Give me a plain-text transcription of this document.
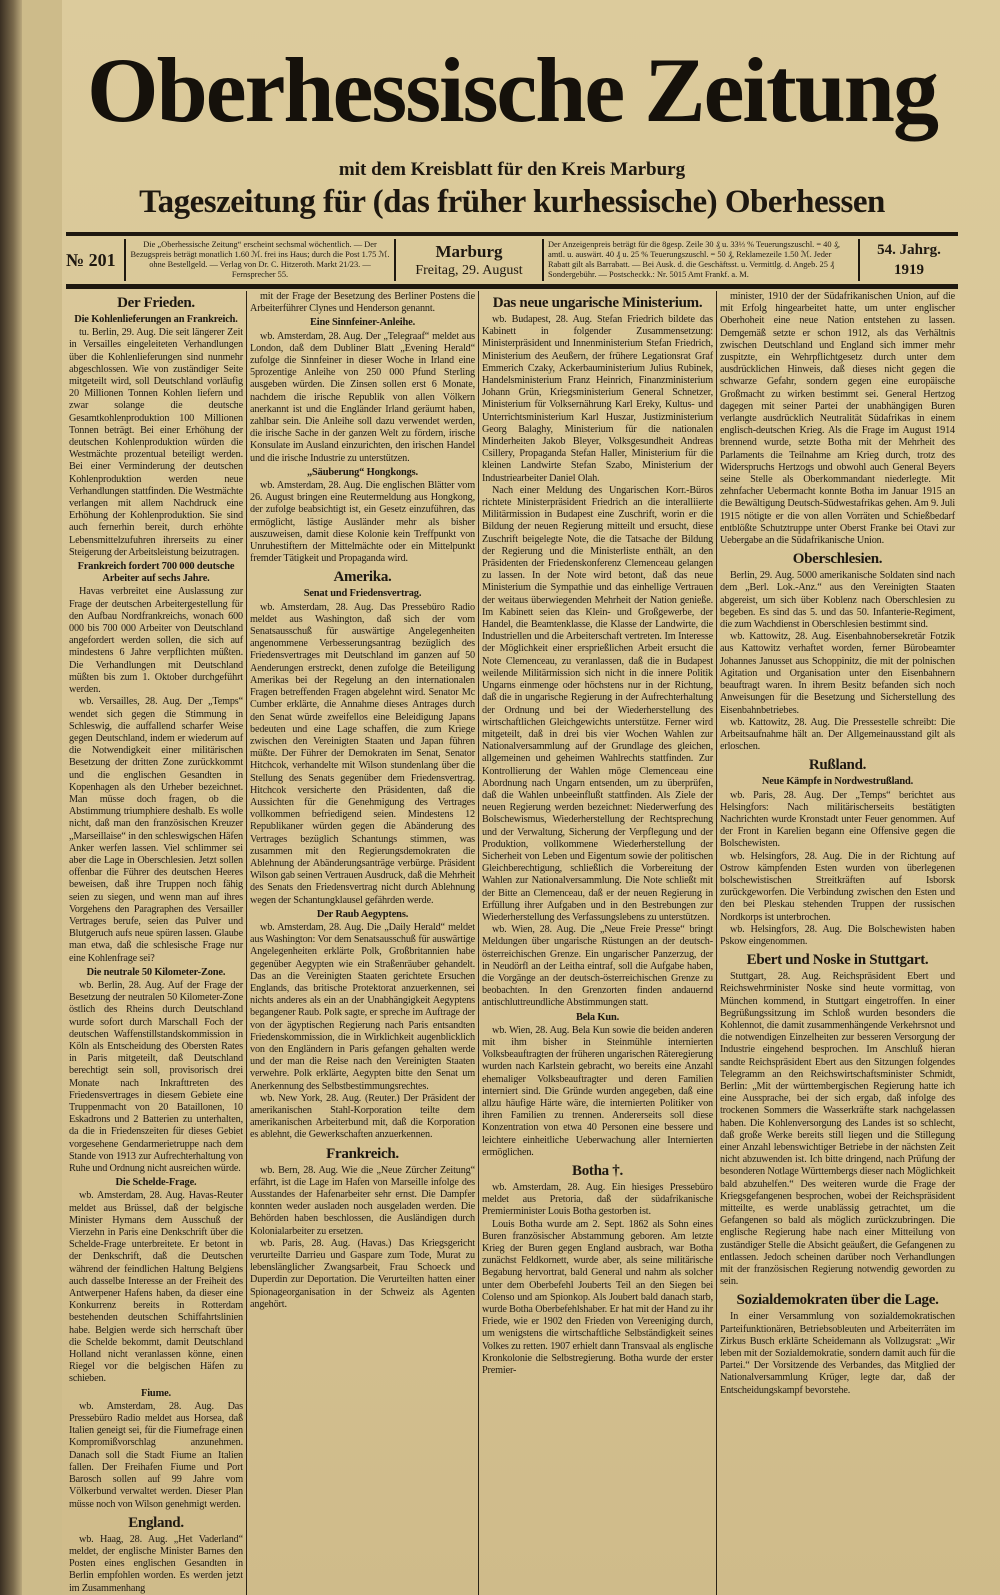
Oberhessische Zeitung
mit dem Kreisblatt für den Kreis Marburg
Tageszeitung für (das früher kurhessische) Oberhessen
№ 201
Die „Oberhessische Zeitung“ erscheint sechsmal wöchentlich. — Der Bezugspreis beträgt monatlich 1.60 ℳ. frei ins Haus; durch die Post 1.75 ℳ. ohne Bestellgeld. — Verlag von Dr. C. Hitzeroth. Markt 21/23. — Fernsprecher 55.
Marburg
Freitag, 29. August
Der Anzeigenpreis beträgt für die 8gesp. Zeile 30 ₰ u. 33⅓ % Teuerungszuschl. = 40 ₰, amtl. u. auswärt. 40 ₰ u. 25 % Teuerungszuschl. = 50 ₰, Reklamezeile 1.50 ℳ. Jeder Rabatt gilt als Barrabatt. — Bei Ausk. d. die Geschäftsst. u. Vermittlg. d. Angeb. 25 ₰ Sondergebühr. — Postscheckk.: Nr. 5015 Amt Frankf. a. M.
54. Jahrg.
1919
Der Frieden.
Die Kohlenlieferungen an Frankreich.

tu. Berlin, 29. Aug. Die seit längerer Zeit in Versailles eingeleiteten Verhandlungen über die Kohlenlieferungen sind nunmehr abgeschlossen. Wie von zuständiger Seite mitgeteilt wird, soll Deutschland vorläufig 20 Millionen Tonnen Kohlen liefern und zwar solange die deutsche Gesamtkohlenproduktion 100 Millionen Tonnen beträgt. Bei einer Erhöhung der deutschen Kohlenproduktion würden die Westmächte prozentual beteiligt werden. Bei einer Verminderung der deutschen Kohlenproduktion werden neue Verhandlungen stattfinden. Die Westmächte verlangen mit allem Nachdruck eine Erhöhung der Kohlenproduktion. Sie sind auch fernerhin bereit, durch erhöhte Lebensmittelzufuhren ihrerseits zu einer Steigerung der Arbeitsleistung beizutragen.

Frankreich fordert 700 000 deutsche Arbeiter auf sechs Jahre.

Havas verbreitet eine Auslassung zur Frage der deutschen Arbeitergestellung für den Aufbau Nordfrankreichs, wonach 600 000 bis 700 000 Arbeiter von Deutschland angefordert werden sollen, die sich auf mindestens 6 Jahre verpflichten müßten. Die Verhandlungen mit Deutschland müßten bis zum 1. Oktober durchgeführt werden.

wb. Versailles, 28. Aug. Der „Temps“ wendet sich gegen die Stimmung in Schleswig, die auffallend scharfer Weise gegen Deutschland, indem er wiederum auf die Notwendigkeit einer militärischen Besetzung der dritten Zone zurückkommt und die englischen Gesandten in Kopenhagen als den Urheber bezeichnet. Man müsse doch fragen, ob die Abstimmung triumphiere deshalb. Es wolle nicht, daß man den französischen Kreuzer „Marseillaise“ in den schleswigschen Häfen Anker werfen lassen. Viel schlimmer sei aber die Lage in Oberschlesien. Jetzt sollen offenbar die Führer des deutschen Heeres beweisen, daß ihre Truppen noch fähig seien zu siegen, und wenn man auf ihres Vorgehens den Paragraphen des Versailler Vertrages berufe, seien das Pulver und Blutgeruch aufs neue spüren lassen. Glaube man etwa, daß die schlesische Frage nur eine Kohlenfrage sei?

Die neutrale 50 Kilometer-Zone.

wb. Berlin, 28. Aug. Auf der Frage der Besetzung der neutralen 50 Kilometer-Zone östlich des Rheins durch Deutschland wurde sofort durch Marschall Foch der deutschen Waffenstillstandskommission in Köln als Entscheidung des Obersten Rates in Paris mitgeteilt, daß Deutschland berechtigt sein soll, provisorisch drei Monate nach Inkrafttreten des Friedensvertrages in diesem Gebiete eine Truppenmacht von 20 Bataillonen, 10 Eskadrons und 2 Batterien zu unterhalten, da die in Friedenszeiten für dieses Gebiet vorgesehene Gendarmerietruppe nach dem Stande von 1913 zur Aufrechterhaltung von Ruhe und Ordnung nicht ausreichen würde.

Die Schelde-Frage.

wb. Amsterdam, 28. Aug. Havas-Reuter meldet aus Brüssel, daß der belgische Minister Hymans dem Ausschuß der Vierzehn in Paris eine Denkschrift über die Schelde-Frage unterbreitete. Er betont in der Denkschrift, daß die Deutschen während der feindlichen Haltung Belgiens auch dasselbe Interesse an der Freiheit des Antwerpener Hafens haben, da dieser eine Konkurrenz bereits in Rotterdam bestehenden deutschen Schiffahrtslinien habe. Belgien werde sich herrschaft über die Schelde bekommt, damit Deutschland Holland nicht veranlassen könne, einen Riegel vor die belgischen Häfen zu schieben.

Fiume.

wb. Amsterdam, 28. Aug. Das Pressebüro Radio meldet aus Horsea, daß Italien geneigt sei, für die Fiumefrage einen Kompromißvorschlag anzunehmen. Danach soll die Stadt Fiume an Italien fallen. Der Freihafen Fiume und Port Barosch sollen auf 99 Jahre vom Völkerbund verwaltet werden. Dieser Plan müsse noch von Wilson genehmigt werden.

England.

wb. Haag, 28. Aug. „Het Vaderland“ meldet, der englische Minister Barnes den Posten eines englischen Gesandten in Berlin empfohlen worden. Es werden jetzt im Zusammenhang

mit der Frage der Besetzung des Berliner Postens die Arbeiterführer Clynes und Henderson genannt.

Eine Sinnfeiner-Anleihe.

wb. Amsterdam, 28. Aug. Der „Telegraaf“ meldet aus London, daß dem Dubliner Blatt „Evening Herald“ zufolge die Sinnfeiner in dieser Woche in Irland eine 5prozentige Anleihe von 250 000 Pfund Sterling ausgeben würden. Die Zinsen sollen erst 6 Monate, nachdem die irische Republik von allen Völkern anerkannt ist und die Engländer Irland geräumt haben, zahlbar sein. Die Anleihe soll dazu verwendet werden, die irische Sache in der ganzen Welt zu fördern, irische Konsulate im Ausland einzurichten, den irischen Handel und die irische Industrie zu unterstützen.

„Säuberung“ Hongkongs.

wb. Amsterdam, 28. Aug. Die englischen Blätter vom 26. August bringen eine Reutermeldung aus Hongkong, der zufolge beabsichtigt ist, ein Gesetz einzuführen, das ermöglicht, lästige Ausländer mehr als bisher auszuweisen, damit diese Kolonie kein Treffpunkt von Unruhestiftern der Mittelmächte oder ein Mittelpunkt fremder Tätigkeit und Propaganda wird.

Amerika.
Senat und Friedensvertrag.

wb. Amsterdam, 28. Aug. Das Pressebüro Radio meldet aus Washington, daß sich der vom Senatsausschuß für auswärtige Angelegenheiten angenommene Verbesserungsantrag bezüglich des Friedensvertrages mit Deutschland im ganzen auf 50 Aenderungen erstreckt, denen zufolge die Beteiligung Amerikas bei der Regelung an den internationalen Fragen betreffenden Fragen abgelehnt wird. Senator Mc Cumber erklärte, die Annahme dieses Antrages durch den Senat würde zweifellos eine Beleidigung Japans bedeuten und eine Lage schaffen, die zum Kriege zwischen den Vereinigten Staaten und Japan führen müßte. Der Führer der Demokraten im Senat, Senator Hitchcok, verhandelte mit Wilson stundenlang über die Stellung des Senats gegenüber dem Friedensvertrag. Hitchcok versicherte den Präsidenten, daß die Aussichten für die Genehmigung des Vertrages vollkommen befriedigend seien. Mindestens 12 Republikaner würden gegen die Abänderung des Vertrages bezüglich Schantungs stimmen, was zusammen mit den Regierungsdemokraten die Ablehnung der Abänderungsanträge verbürge. Präsident Wilson gab seinen Vertrauen Ausdruck, daß die Mehrheit des Senats den Friedensvertrag nicht durch Ablehnung wegen der Schantungklausel gefährden werde.

Der Raub Aegyptens.

wb. Amsterdam, 28. Aug. Die „Daily Herald“ meldet aus Washington: Vor dem Senatsausschuß für auswärtige Angelegenheiten erklärte Polk, Großbritannien habe gegenüber Aegypten wie ein Straßenräuber gehandelt. Das an die Vereinigten Staaten gerichtete Ersuchen Englands, das britische Protektorat anzuerkennen, sei nichts anderes als ein an der Unabhängigkeit Aegyptens begangener Raub. Polk sagte, er spreche im Auftrage der von der ägyptischen Regierung nach Paris entsandten Friedenskommission, die in Wirklichkeit augenblicklich von den Engländern in Paris gefangen gehalten werde und der man die Reise nach den Vereinigten Staaten verwehre. Polk erklärte, Aegypten bitte den Senat um Anerkennung des Selbstbestimmungsrechtes.

wb. New York, 28. Aug. (Reuter.) Der Präsident der amerikanischen Stahl-Korporation teilte dem amerikanischen Arbeiterbund mit, daß die Korporation es ablehnt, die Gewerkschaften anzuerkennen.

Frankreich.

wb. Bern, 28. Aug. Wie die „Neue Zürcher Zeitung“ erfährt, ist die Lage im Hafen von Marseille infolge des Ausstandes der Hafenarbeiter sehr ernst. Die Dampfer konnten weder ausladen noch ausgeladen werden. Die Behörden haben beschlossen, die Ausländigen durch Kolonialarbeiter zu ersetzen.

wb. Paris, 28. Aug. (Havas.) Das Kriegsgericht verurteilte Darrieu und Gaspare zum Tode, Murat zu lebenslänglicher Zwangsarbeit, Frau Schoeck und Duperdin zur Deportation. Die Verurteilten hatten einer Spionageorganisation in der Schweiz als Agenten angehört.

Das neue ungarische Ministerium.

wb. Budapest, 28. Aug. Stefan Friedrich bildete das Kabinett in folgender Zusammensetzung: Ministerpräsident und Innenministerium Stefan Friedrich, Ministerium des Aeußern, der frühere Legationsrat Graf Emmerich Czaky, Ackerbauministerium Julius Rubinek, Handelsministerium Franz Heinrich, Finanzministerium Johann Grün, Kriegsministerium General Schnetzer, Ministerium für Volksernährung Karl Ereky, Kultus- und Unterrichtsministerium Karl Huszar, Justizministerium Georg Balaghy, Ministerium für die nationalen Minderheiten Jakob Bleyer, Volksgesundheit Andreas Csillery, Propaganda Stefan Haller, Ministerium für die kleinen Landwirte Stefan Szabo, Ministerium der Industriearbeiter Daniel Olah.

Nach einer Meldung des Ungarischen Korr.-Büros richtete Ministerpräsident Friedrich an die interalliierte Militärmission in Budapest eine Zuschrift, worin er die Bildung der neuen Regierung mitteilt und ersucht, diese Zuschrift beigelegte Note, die die Tatsache der Bildung der Regierung und die Ministerliste enthält, an den Präsidenten der Friedenskonferenz Clemenceau gelangen zu lassen. In der Note wird betont, daß das neue Ministerium die Sympathie und das einhellige Vertrauen der weitaus überwiegenden Mehrheit der Nation genieße. Im Kabinett seien das Klein- und Großgewerbe, der Handel, die Beamtenklasse, die Klasse der Landwirte, die Industriellen und die Arbeiterschaft vertreten. Im Interesse der Möglichkeit einer ersprießlichen Arbeit ersucht die Note Clemenceau, zu veranlassen, daß die in Budapest weilende Militärmission sich nicht in die innere Politik Ungarns einmenge oder höchstens nur in der Richtung, daß die in ungarische Regierung in der Aufrechterhaltung der Ordnung und bei der Wiederherstellung des wirtschaftlichen Gleichgewichts unterstütze. Ferner wird mitgeteilt, daß in drei bis vier Wochen Wahlen zur Nationalversammlung auf der Grundlage des gleichen, allgemeinen und geheimen Wahlrechts stattfinden. Zur Kontrollierung der Wahlen möge Clemenceau eine Abordnung nach Ungarn entsenden, um zu überprüfen, daß die Wahlen unbeeinflußt stattfinden. Als Ziele der neuen Regierung werden bezeichnet: Niederwerfung des Bolschewismus, Wiederherstellung der Rechtsprechung und der Verwaltung, Sicherung der Verpflegung und der Produktion, vollkommene Wiederherstellung der Sicherheit von Leben und Eigentum sowie der politischen Gleichberechtigung, schließlich die Vorbereitung der Wahlen zur Nationalversammlung. Die Note schließt mit der Bitte an Clemenceau, daß er der neuen Regierung in Erfüllung ihrer Aufgaben und in den Bestrebungen zur Wiederherstellung des Verfassungslebens zu unterstützen.

wb. Wien, 28. Aug. Die „Neue Freie Presse“ bringt Meldungen über ungarische Rüstungen an der deutsch-österreichischen Grenze. Ein ungarischer Panzerzug, der in Neudörfl an der Leitha eintraf, soll die Aufgabe haben, die Vorgänge an der deutsch-österreichischen Grenze zu beobachten. In den Grenzorten finden andauernd antischluttreundliche Abstimmungen statt.

Bela Kun.

wb. Wien, 28. Aug. Bela Kun sowie die beiden anderen mit ihm bisher in Steinmühle internierten Volksbeauftragten der früheren ungarischen Räteregierung wurden nach Karlstein gebracht, wo bereits eine Anzahl ehemaliger Volksbeauftragter und deren Familien interniert sind. Die Gründe wurden angegeben, daß eine allzu häufige Härte wäre, die internierten Politiker von ihren Familien zu trennen. Andererseits soll diese Konzentration von etwa 40 Personen eine bessere und leichtere einheitliche Ueberwachung aller Internierten ermöglichen.

Botha †.

wb. Amsterdam, 28. Aug. Ein hiesiges Pressebüro meldet aus Pretoria, daß der südafrikanische Premierminister Louis Botha gestorben ist.

Louis Botha wurde am 2. Sept. 1862 als Sohn eines Buren französischer Abstammung geboren. Am letzte Krieg der Buren gegen England ausbrach, war Botha zunächst Feldkornett, wurde aber, als seine militärische Begabung hervortrat, bald General und nahm als solcher unter dem Oberbefehl Jouberts Teil an den Siegen bei Colenso und am Spionkop. Als Joubert bald danach starb, wurde Botha Oberbefehlshaber. Er hat mit der Hand zu ihr Friede, wie er 1902 den Frieden von Vereeniging durch, um wenigstens die wirtschaftliche Selbständigkeit seines Volkes zu retten. 1907 erhielt dann Transvaal als englische Kronkolonie die Selbstregierung. Botha wurde der erster Premier-

minister, 1910 der der Südafrikanischen Union, auf die mit Erfolg hingearbeitet hatte, um unter englischer Oberhoheit eine neue Nation entstehen zu lassen. Demgemäß setzte er schon 1912, als das Verhältnis zwischen Deutschland und England sich immer mehr zuspitzte, ein Wehrpflichtgesetz durch unter dem ausdrücklichen Hinweis, daß dieses nicht gegen die schwarze Gefahr, sondern gegen eine europäische Großmacht zu wirken bestimmt sei. General Hertzog dagegen mit seiner Partei der unabhängigen Buren verlangte ausdrücklich Neutralität Südafrikas in einem englisch-deutschen Krieg. Als die Frage im August 1914 brennend wurde, setzte Botha mit der Mehrheit des Parlaments die Teilnahme am Krieg durch, trotz des Widerspruchs Hertzogs und obwohl auch General Beyers seine Stelle als Oberkommandant niederlegte. Mit zehnfacher Uebermacht konnte Botha im Januar 1915 an die Bewältigung Deutsch-Südwestafrikas gehen. Am 9. Juli 1915 nötigte er die von allen Vorräten und Schießbedarf entblößte Schutztruppe unter Oberst Franke bei Otavi zur Uebergabe an die Südafrikanische Union.

Oberschlesien.

Berlin, 29. Aug. 5000 amerikanische Soldaten sind nach dem „Berl. Lok.-Anz.“ aus den Vereinigten Staaten abgereist, um sich über Koblenz nach Oberschlesien zu begeben. Es sind das 5. und das 50. Infanterie-Regiment, die zum Wachdienst in Oberschlesien bestimmt sind.

wb. Kattowitz, 28. Aug. Eisenbahnobersekretär Fotzik aus Kattowitz verhaftet worden, ferner Bürobeamter Johannes Janusset aus Schoppinitz, die mit der polnischen Agitation und Organisation unter den Eisenbahnern beauftragt waren. In ihrem Besitz befanden sich noch Anweisungen für die Besetzung und Sicherstellung des Eisenbahnbetriebes.

wb. Kattowitz, 28. Aug. Die Pressestelle schreibt: Die Arbeitsaufnahme hält an. Der Allgemeinausstand gilt als erloschen.

Rußland.
Neue Kämpfe in Nordwestrußland.

wb. Paris, 28. Aug. Der „Temps“ berichtet aus Helsingfors: Nach militärischerseits bestätigten Nachrichten wurde Kronstadt unter Feuer genommen. Auf der Front in Karelien begann eine Offensive gegen die Bolschewisten.

wb. Helsingfors, 28. Aug. Die in der Richtung auf Ostrow kämpfenden Esten wurden von überlegenen bolschewistischen Streitkräften auf Isborsk zurückgeworfen. Die Verbindung zwischen den Esten und den bei Pleskau stehenden Truppen der russischen Nordkorps ist unterbrochen.

wb. Helsingfors, 28. Aug. Die Bolschewisten haben Pskow eingenommen.

Ebert und Noske in Stuttgart.

Stuttgart, 28. Aug. Reichspräsident Ebert und Reichswehrminister Noske sind heute vormittag, von München kommend, in Stuttgart eingetroffen. In einer Begrüßungssitzung im Schloß wurden besonders die Kohlennot, die damit zusammenhängende Verkehrsnot und die notwendigen Einzelheiten zur besseren Versorgung der Industrie eingehend besprochen. Im Anschluß hieran sandte Reichspräsident Ebert aus den Sitzungen folgendes Telegramm an den Reichswirtschaftsminister Schmidt, Berlin: „Mit der württembergischen Regierung hatte ich eine Aussprache, bei der sich ergab, daß infolge des trockenen Sommers die Wasserkräfte stark nachgelassen haben. Die Kohlenversorgung des Landes ist so schlecht, daß große Werke bereits still liegen und die Stillegung einer Anzahl lebenswichtiger Betriebe in der nächsten Zeit nicht abzuwenden ist. Ich bitte dringend, nach Prüfung der besonderen Notlage Württembergs dieser nach Möglichkeit bald abzuhelfen.“ Des weiteren wurde die Frage der Kriegsgefangenen besprochen, wobei der Reichspräsident mitteilte, es werde unablässig getrachtet, um die Gefangenen so bald als möglich zurückzubringen. Die englische Regierung habe nach einer Mitteilung von zuständiger Stelle die Absicht geäußert, die Gefangenen zu entlassen. Jedoch scheinen darüber noch Verhandlungen mit der französischen Regierung notwendig geworden zu sein.

Sozialdemokraten über die Lage.

In einer Versammlung von sozialdemokratischen Parteifunktionären, Betriebsobleuten und Arbeiterräten im Zirkus Busch erklärte Scheidemann als Vollzugsrat: „Wir leben mit der Sozialdemokratie, sondern damit auch für die Partei.“ Der Vorsitzende des Verbandes, das Mitglied der Nationalversammlung Krüger, legte dar, daß der Entscheidungskampf bevorstehe.
